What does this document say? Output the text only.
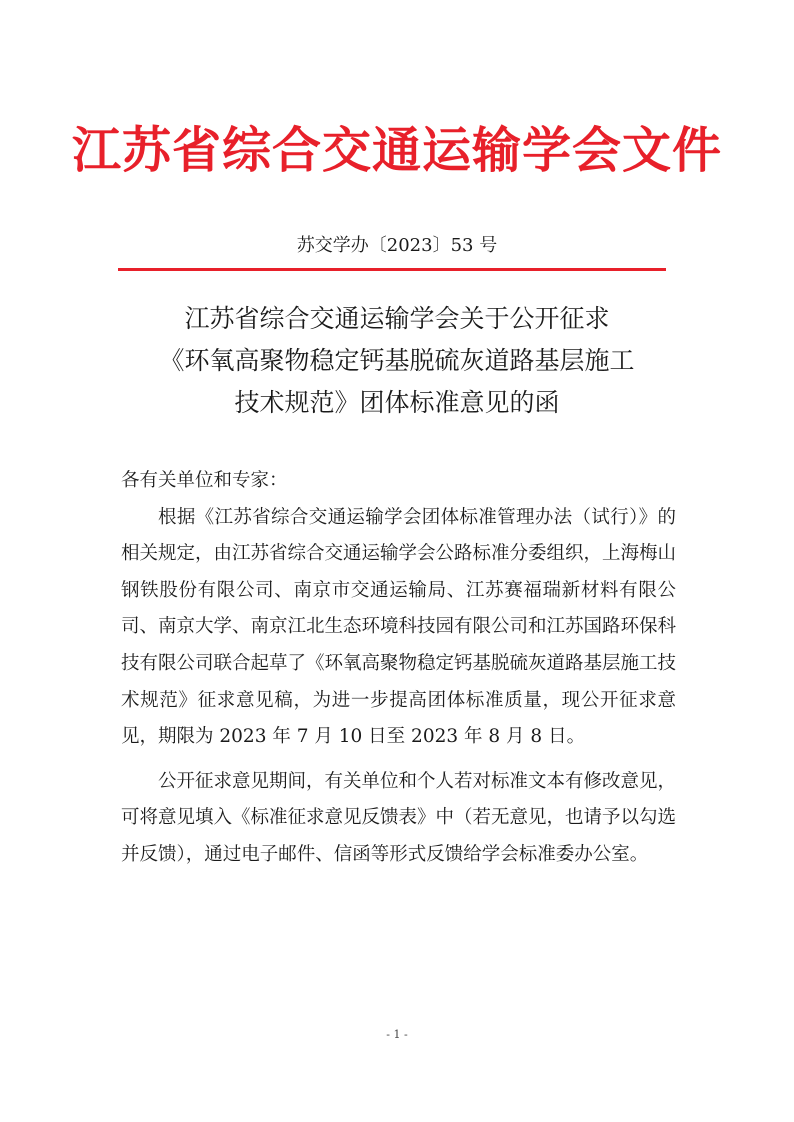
江苏省综合交通运输学会文件
苏交学办〔2023〕53 号
江苏省综合交通运输学会关于公开征求
《环氧高聚物稳定钙基脱硫灰道路基层施工
技术规范》团体标准意见的函

各有关单位和专家：

根据《江苏省综合交通运输学会团体标准管理办法（试行）》的相关规定，由江苏省综合交通运输学会公路标准分委组织，上海梅山钢铁股份有限公司、南京市交通运输局、江苏赛福瑞新材料有限公司、南京大学、南京江北生态环境科技园有限公司和江苏国路环保科技有限公司联合起草了《环氧高聚物稳定钙基脱硫灰道路基层施工技术规范》征求意见稿，为进一步提高团体标准质量，现公开征求意见，期限为 2023 年 7 月 10 日至 2023 年 8 月 8 日。

公开征求意见期间，有关单位和个人若对标准文本有修改意见，可将意见填入《标准征求意见反馈表》中（若无意见，也请予以勾选并反馈），通过电子邮件、信函等形式反馈给学会标准委办公室。

- 1 -
